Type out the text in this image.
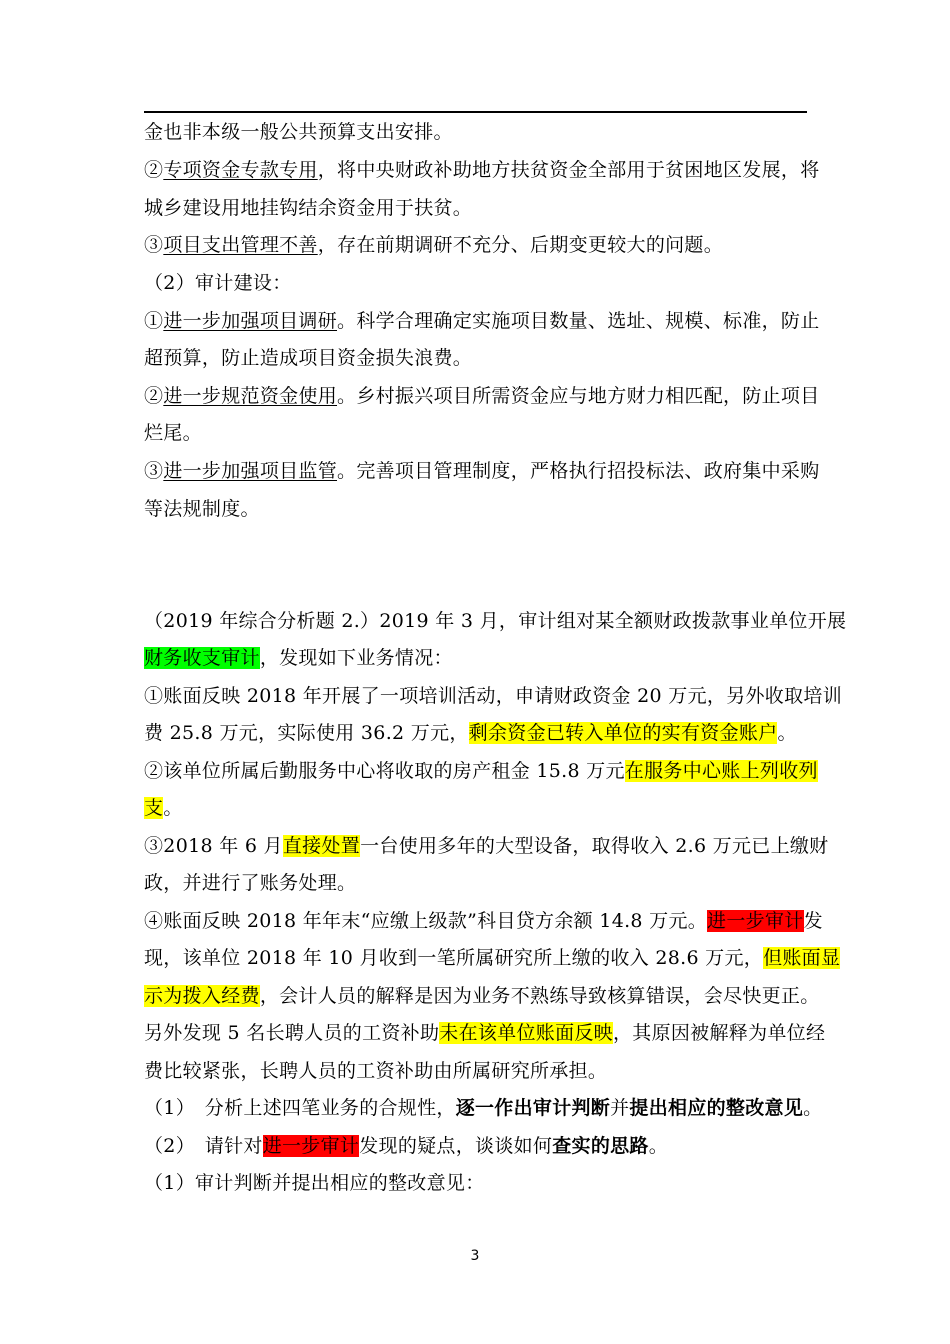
金也非本级一般公共预算支出安排。
②专项资金专款专用，将中央财政补助地方扶贫资金全部用于贫困地区发展，将
城乡建设用地挂钩结余资金用于扶贫。
③项目支出管理不善，存在前期调研不充分、后期变更较大的问题。
（2）审计建设：
①进一步加强项目调研。科学合理确定实施项目数量、选址、规模、标准，防止
超预算，防止造成项目资金损失浪费。
②进一步规范资金使用。乡村振兴项目所需资金应与地方财力相匹配，防止项目
烂尾。
③进一步加强项目监管。完善项目管理制度，严格执行招投标法、政府集中采购
等法规制度。
（2019 年综合分析题 2.）2019 年 3 月，审计组对某全额财政拨款事业单位开展
财务收支审计，发现如下业务情况：
①账面反映 2018 年开展了一项培训活动，申请财政资金 20 万元，另外收取培训
费 25.8 万元，实际使用 36.2 万元，剩余资金已转入单位的实有资金账户。
②该单位所属后勤服务中心将收取的房产租金 15.8 万元在服务中心账上列收列
支。
③2018 年 6 月直接处置一台使用多年的大型设备，取得收入 2.6 万元已上缴财
政，并进行了账务处理。
④账面反映 2018 年年末“应缴上级款”科目贷方余额 14.8 万元。进一步审计发
现，该单位 2018 年 10 月收到一笔所属研究所上缴的收入 28.6 万元，但账面显
示为拨入经费，会计人员的解释是因为业务不熟练导致核算错误，会尽快更正。
另外发现 5 名长聘人员的工资补助未在该单位账面反映，其原因被解释为单位经
费比较紧张，长聘人员的工资补助由所属研究所承担。
（1）　分析上述四笔业务的合规性，逐一作出审计判断并提出相应的整改意见。
（2）　请针对进一步审计发现的疑点，谈谈如何查实的思路。
（1）审计判断并提出相应的整改意见：
3
